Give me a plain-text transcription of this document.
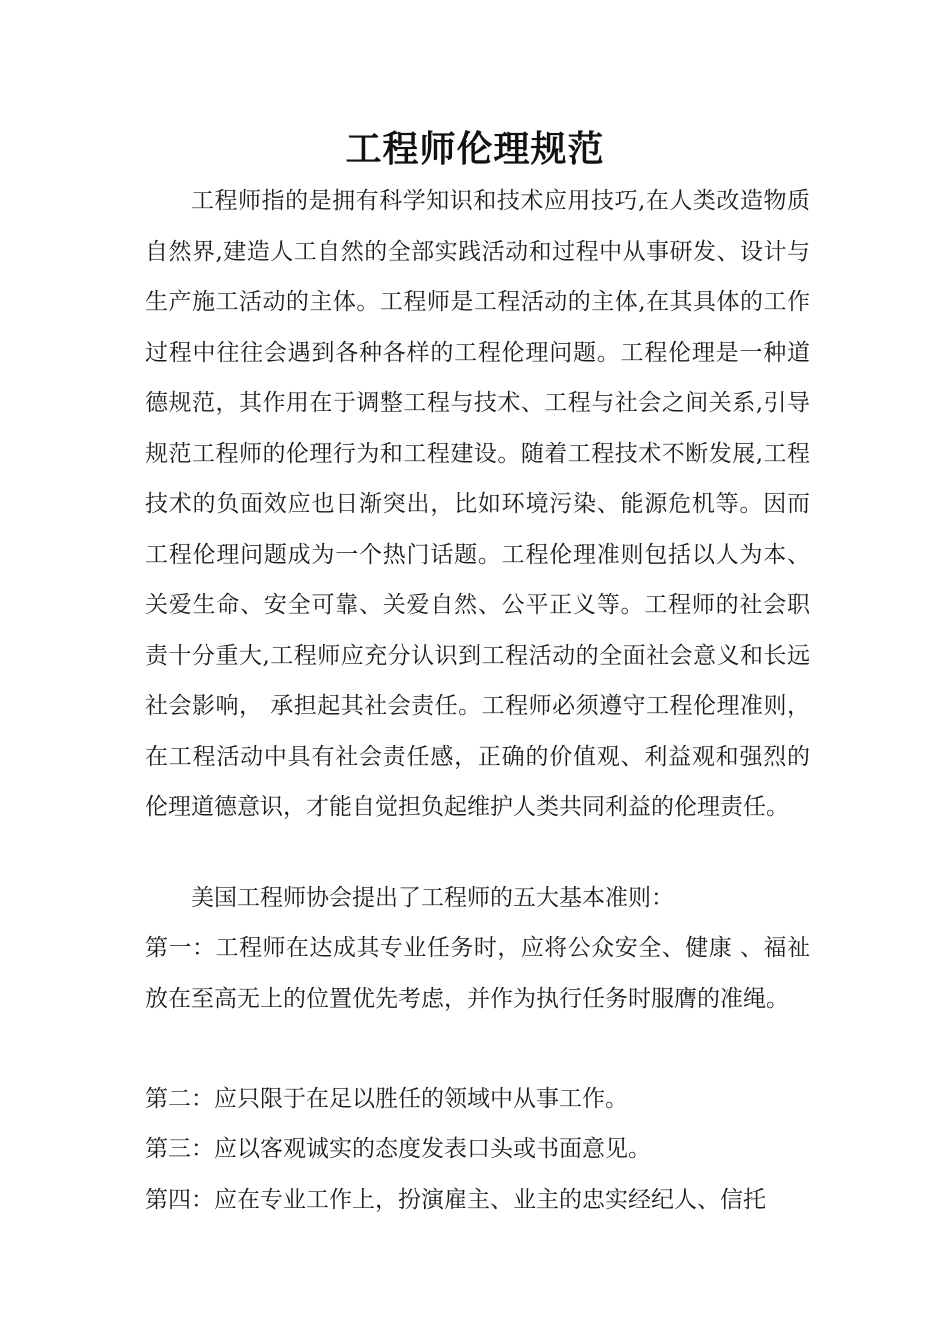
工程师伦理规范

工程师指的是拥有科学知识和技术应用技巧,在人类改造物质自然界,建造人工自然的全部实践活动和过程中从事研发、设计与生产施工活动的主体。工程师是工程活动的主体,在其具体的工作过程中往往会遇到各种各样的工程伦理问题。工程伦理是一种道德规范，其作用在于调整工程与技术、工程与社会之间关系,引导规范工程师的伦理行为和工程建设。随着工程技术不断发展,工程技术的负面效应也日渐突出，比如环境污染、能源危机等。因而工程伦理问题成为一个热门话题。工程伦理准则包括以人为本、关爱生命、安全可靠、关爱自然、公平正义等。工程师的社会职责十分重大,工程师应充分认识到工程活动的全面社会意义和长远社会影响， 承担起其社会责任。工程师必须遵守工程伦理准则，在工程活动中具有社会责任感，正确的价值观、利益观和强烈的伦理道德意识，才能自觉担负起维护人类共同利益的伦理责任。

美国工程师协会提出了工程师的五大基本准则：

第一：工程师在达成其专业任务时，应将公众安全、健康 、福祉放在至高无上的位置优先考虑，并作为执行任务时服膺的准绳。

第二：应只限于在足以胜任的领域中从事工作。

第三：应以客观诚实的态度发表口头或书面意见。

第四：应在专业工作上，扮演雇主、业主的忠实经纪人、信托
